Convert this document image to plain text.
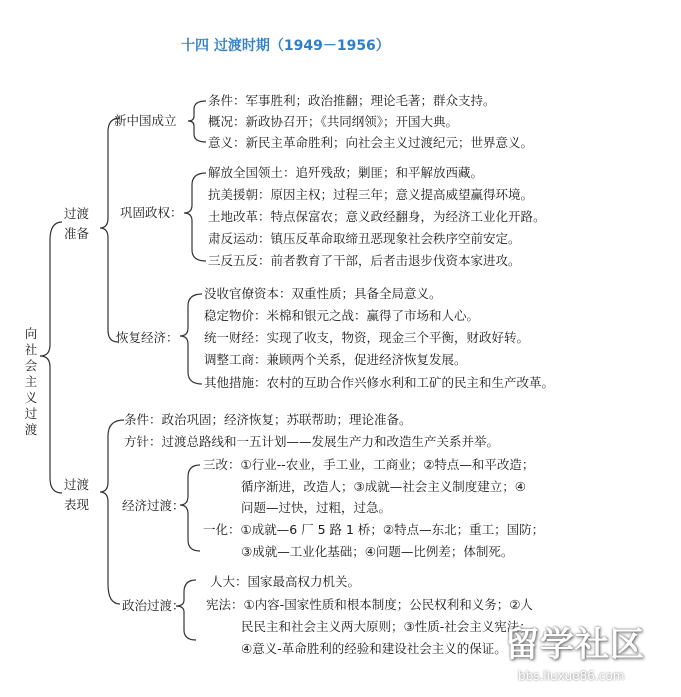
十四 过渡时期（1949－1956）
向社会主义过渡
过渡
准备
新中国成立
条件：军事胜利；政治推翻；理论毛著；群众支持。
概况：新政协召开；《共同纲领》；开国大典。
意义：新民主革命胜利；向社会主义过渡纪元；世界意义。
巩固政权：
解放全国领土：追歼残敌；剿匪；和平解放西藏。
抗美援朝：原因主权；过程三年；意义提高威望赢得环境。
土地改革：特点保富农；意义政经翻身，为经济工业化开路。
肃反运动：镇压反革命取缔丑恶现象社会秩序空前安定。
三反五反：前者教育了干部，后者击退步伐资本家进攻。
恢复经济：
没收官僚资本：双重性质；具备全局意义。
稳定物价：米棉和银元之战：赢得了市场和人心。
统一财经：实现了收支，物资，现金三个平衡，财政好转。
调整工商：兼顾两个关系，促进经济恢复发展。
其他措施：农村的互助合作兴修水利和工矿的民主和生产改革。
过渡
表现
条件：政治巩固；经济恢复；苏联帮助；理论准备。
方针：过渡总路线和一五计划——发展生产力和改造生产关系并举。
经济过渡：
三改：①行业--农业，手工业，工商业；②特点—和平改造；
循序渐进，改造人；③成就—社会主义制度建立；④
问题—过快，过粗，过急。
一化：①成就—6 厂 5 路 1 桥；②特点—东北；重工；国防；
③成就—工业化基础；④问题—比例差；体制死。
政治过渡：
人大：国家最高权力机关。
宪法：①内容-国家性质和根本制度；公民权利和义务；②人
民民主和社会主义两大原则；③性质-社会主义宪法；
④意义-革命胜利的经验和建设社会主义的保证。
留学社区
bbs.liuxue86.com
